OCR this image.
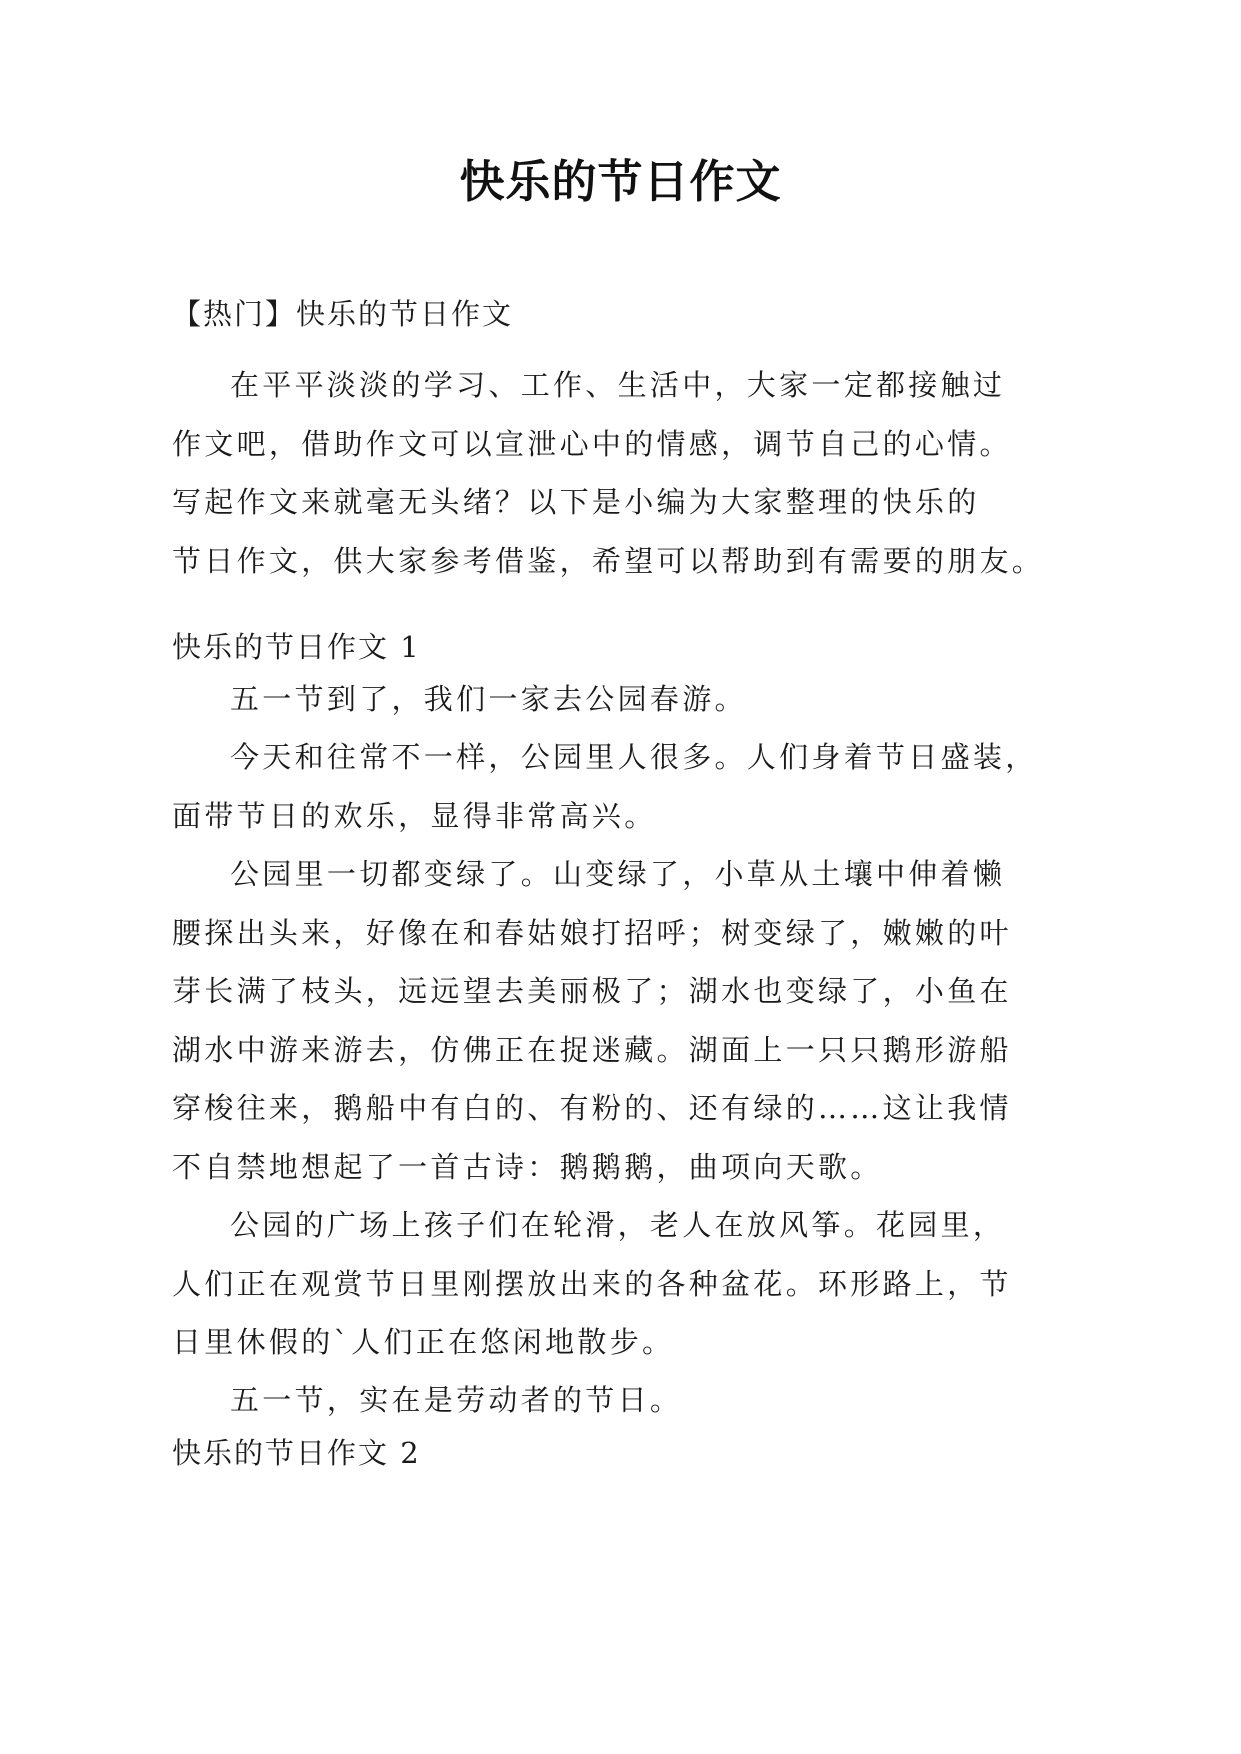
快乐的节日作文
【热门】快乐的节日作文
在平平淡淡的学习、工作、生活中，大家一定都接触过
作文吧，借助作文可以宣泄心中的情感，调节自己的心情。
写起作文来就毫无头绪？以下是小编为大家整理的快乐的
节日作文，供大家参考借鉴，希望可以帮助到有需要的朋友。
快乐的节日作文 1
五一节到了，我们一家去公园春游。
今天和往常不一样，公园里人很多。人们身着节日盛装，
面带节日的欢乐，显得非常高兴。
公园里一切都变绿了。山变绿了，小草从土壤中伸着懒
腰探出头来，好像在和春姑娘打招呼；树变绿了，嫩嫩的叶
芽长满了枝头，远远望去美丽极了；湖水也变绿了，小鱼在
湖水中游来游去，仿佛正在捉迷藏。湖面上一只只鹅形游船
穿梭往来，鹅船中有白的、有粉的、还有绿的……这让我情
不自禁地想起了一首古诗：鹅鹅鹅，曲项向天歌。
公园的广场上孩子们在轮滑，老人在放风筝。花园里，
人们正在观赏节日里刚摆放出来的各种盆花。环形路上，节
日里休假的`人们正在悠闲地散步。
五一节，实在是劳动者的节日。
快乐的节日作文 2
